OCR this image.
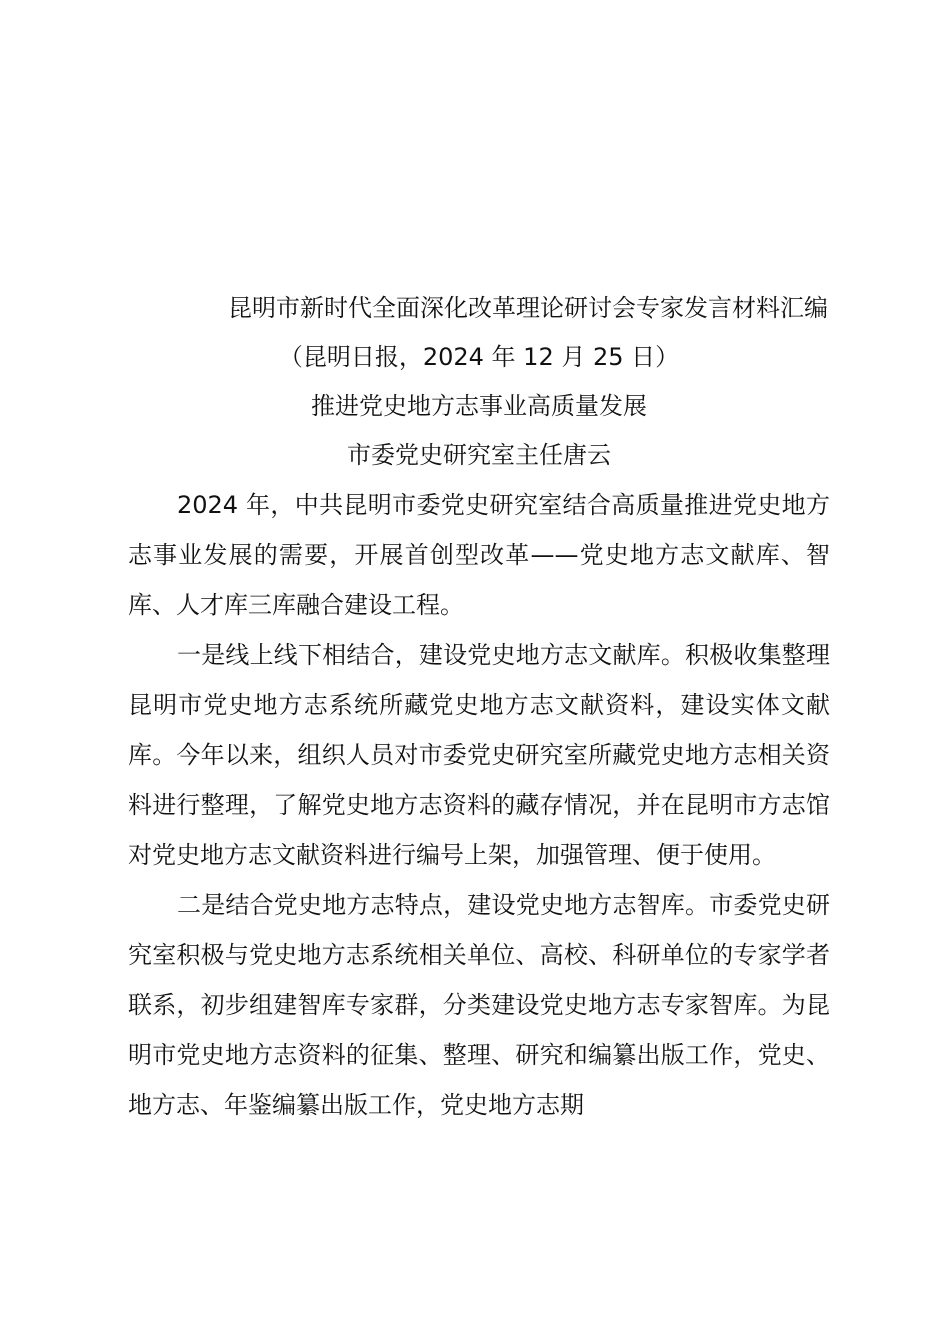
昆明市新时代全面深化改革理论研讨会专家发言材料汇编
（昆明日报，2024 年 12 月 25 日）
推进党史地方志事业高质量发展
市委党史研究室主任唐云

2024 年，中共昆明市委党史研究室结合高质量推进党史地方志事业发展的需要，开展首创型改革——党史地方志文献库、智库、人才库三库融合建设工程。

一是线上线下相结合，建设党史地方志文献库。积极收集整理昆明市党史地方志系统所藏党史地方志文献资料，建设实体文献库。今年以来，组织人员对市委党史研究室所藏党史地方志相关资料进行整理，了解党史地方志资料的藏存情况，并在昆明市方志馆对党史地方志文献资料进行编号上架，加强管理、便于使用。

二是结合党史地方志特点，建设党史地方志智库。市委党史研究室积极与党史地方志系统相关单位、高校、科研单位的专家学者联系，初步组建智库专家群，分类建设党史地方志专家智库。为昆明市党史地方志资料的征集、整理、研究和编纂出版工作，党史、地方志、年鉴编纂出版工作，党史地方志期
